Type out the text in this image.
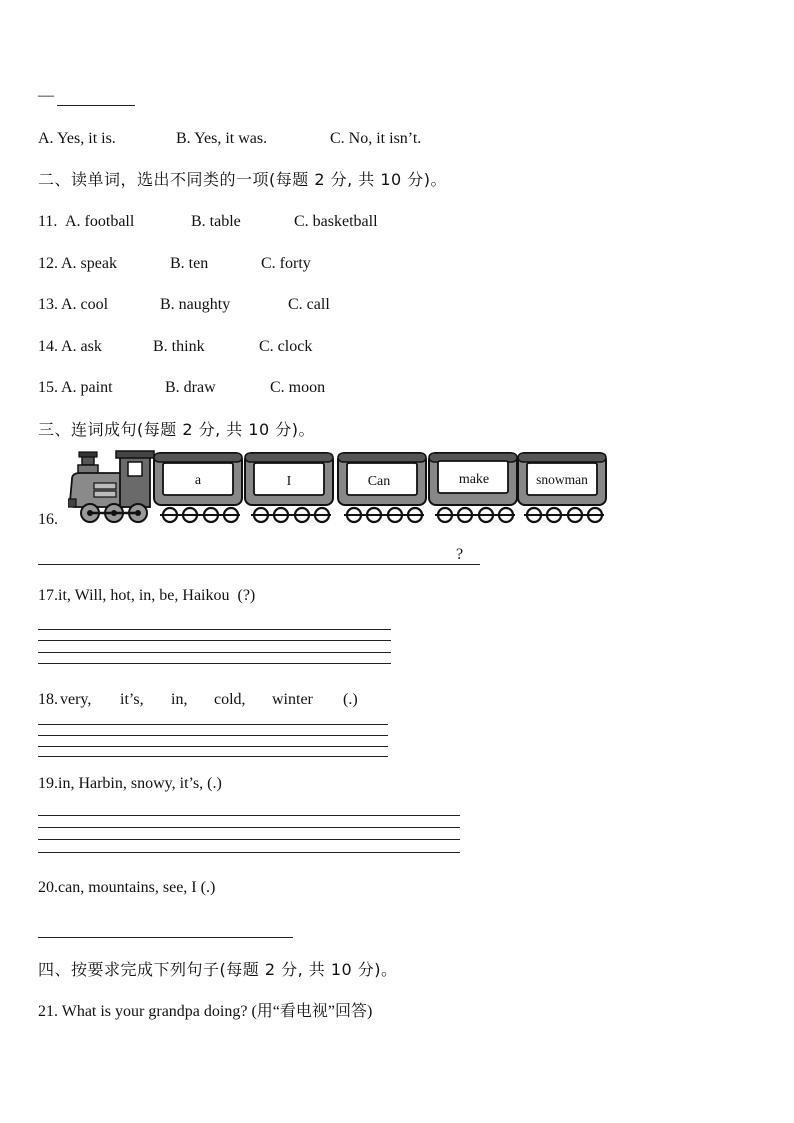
—
A. Yes, it is.	B. Yes, it was.	C. No, it isn’t.
二、读单词，选出不同类的一项(每题 2 分, 共 10 分)。
11. A. football	B. table	C. basketball
12. A. speak	B. ten	C. forty
13. A. cool	B. naughty	C. call
14. A. ask	B. think	C. clock
15. A. paint	B. draw	C. moon
三、连词成句(每题 2 分, 共 10 分)。
16.
a	I	Can	make	snowman
?
17.it, Will, hot, in, be, Haikou (?)
18. very, it’s, in, cold, winter (.)
19.in, Harbin, snowy, it’s, (.)
20.can, mountains, see, I (.)
四、按要求完成下列句子(每题 2 分, 共 10 分)。
21. What is your grandpa doing? (用“看电视”回答)
